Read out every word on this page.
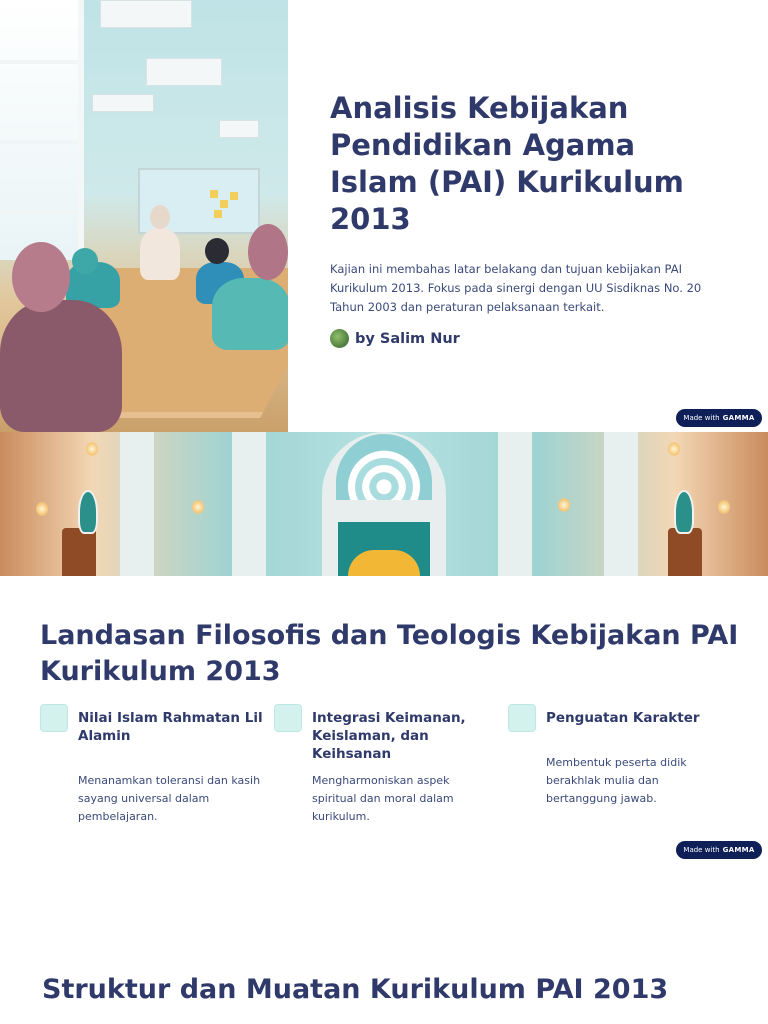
Analisis Kebijakan Pendidikan Agama Islam (PAI) Kurikulum 2013
Kajian ini membahas latar belakang dan tujuan kebijakan PAI Kurikulum 2013. Fokus pada sinergi dengan UU Sisdiknas No. 20 Tahun 2003 dan peraturan pelaksanaan terkait.
by Salim Nur
Made with GAMMA
Landasan Filosofis dan Teologis Kebijakan PAI Kurikulum 2013
Nilai Islam Rahmatan Lil Alamin
Menanamkan toleransi dan kasih sayang universal dalam pembelajaran.
Integrasi Keimanan, Keislaman, dan Keihsanan
Mengharmoniskan aspek spiritual dan moral dalam kurikulum.
Penguatan Karakter
Membentuk peserta didik berakhlak mulia dan bertanggung jawab.
Made with GAMMA
Struktur dan Muatan Kurikulum PAI 2013
